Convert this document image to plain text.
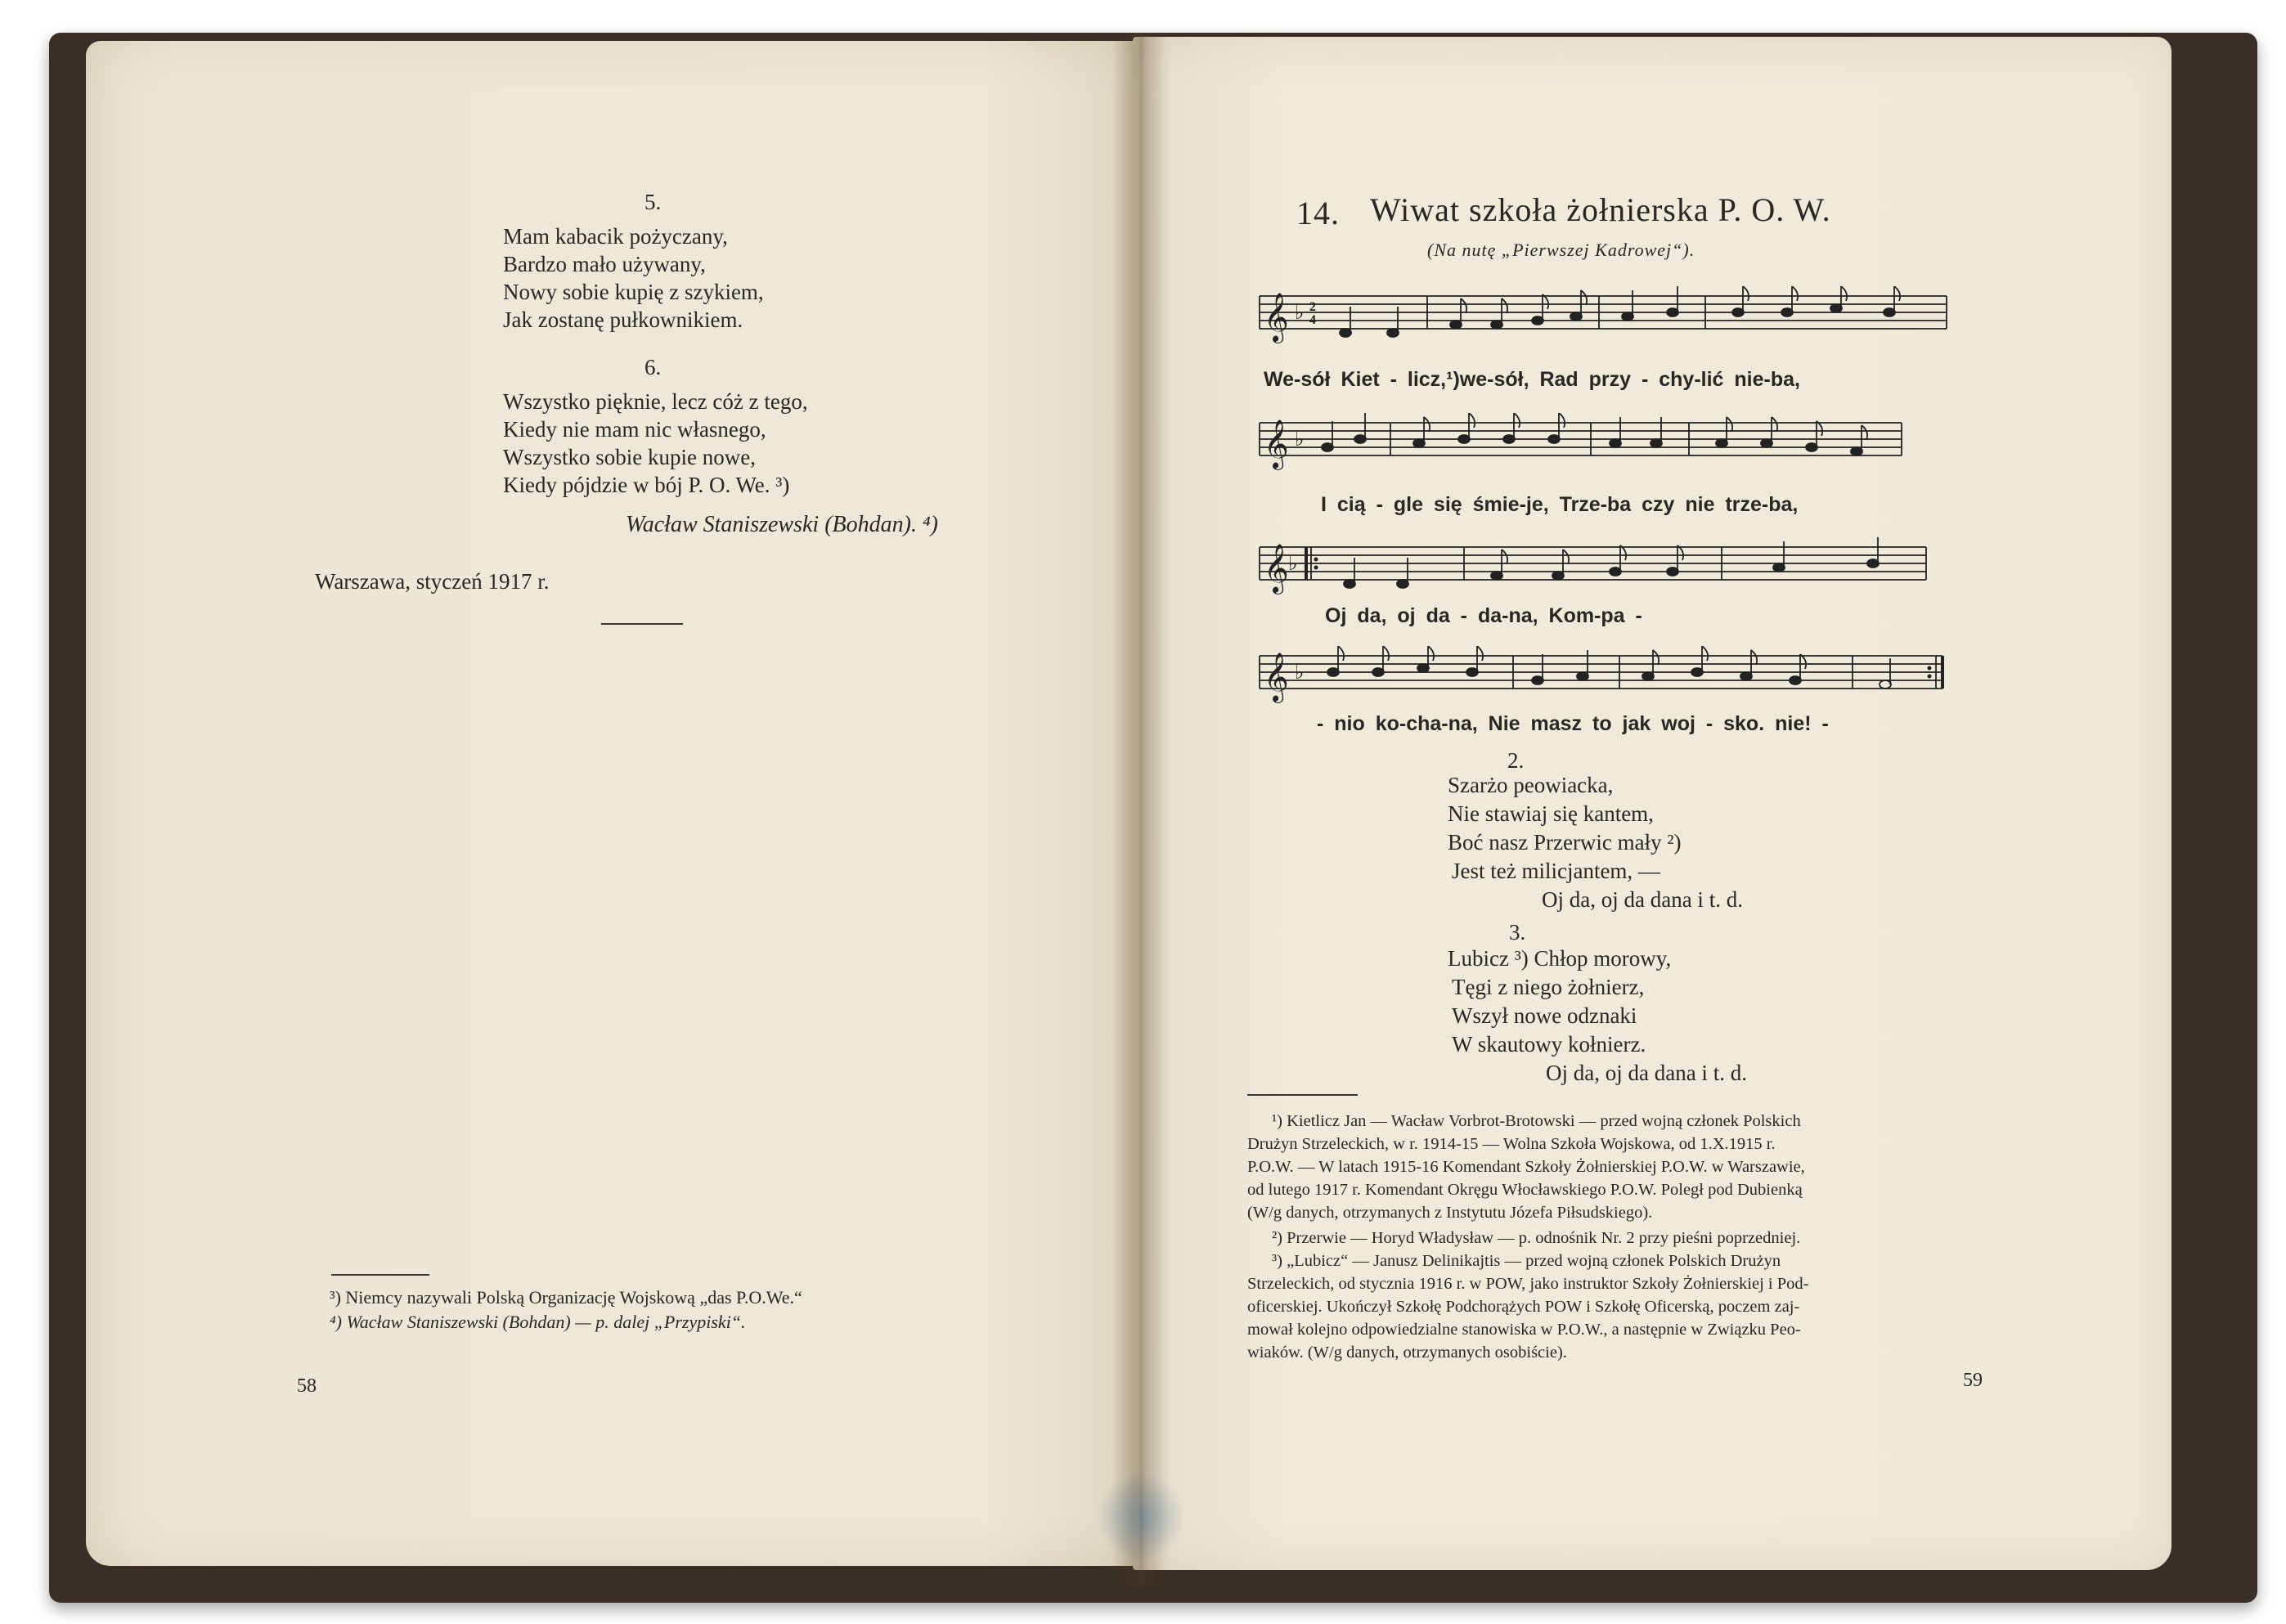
5.
Mam kabacik pożyczany,
Bardzo mało używany,
Nowy sobie kupię z szykiem,
Jak zostanę pułkownikiem.
6.
Wszystko pięknie, lecz cóż z tego,
Kiedy nie mam nic własnego,
Wszystko sobie kupie nowe,
Kiedy pójdzie w bój P. O. We. ³)
Wacław Staniszewski (Bohdan). ⁴)
Warszawa, styczeń 1917 r.
³) Niemcy nazywali Polską Organizację Wojskową „das P.O.We.“
⁴) Wacław Staniszewski (Bohdan) — p. dalej „Przypiski“.
58
14. Wiwat szkoła żołnierska P. O. W.
(Na nutę „Pierwszej Kadrowej“).
𝄞 ♭ 2
4
We-sół Kiet - licz,¹)we-sół, Rad przy - chy-lić nie-ba,
𝄞 ♭
I cią - gle się śmie-je, Trze-ba czy nie trze-ba,
𝄞 ♭
Oj da, oj da - da-na, Kom-pa -
𝄞 ♭
- nio ko-cha-na, Nie masz to jak woj - sko. nie! -
2.
Szarżo peowiacka,
Nie stawiaj się kantem,
Boć nasz Przerwic mały ²)
Jest też milicjantem, —
Oj da, oj da dana i t. d.
3.
Lubicz ³) Chłop morowy,
Tęgi z niego żołnierz,
Wszył nowe odznaki
W skautowy kołnierz.
Oj da, oj da dana i t. d.
¹) Kietlicz Jan — Wacław Vorbrot-Brotowski — przed wojną członek Polskich
Drużyn Strzeleckich, w r. 1914-15 — Wolna Szkoła Wojskowa, od 1.X.1915 r.
P.O.W. — W latach 1915-16 Komendant Szkoły Żołnierskiej P.O.W. w Warszawie,
od lutego 1917 r. Komendant Okręgu Włocławskiego P.O.W. Poległ pod Dubienką
(W/g danych, otrzymanych z Instytutu Józefa Piłsudskiego).
²) Przerwie — Horyd Władysław — p. odnośnik Nr. 2 przy pieśni poprzedniej.
³) „Lubicz“ — Janusz Delinikajtis — przed wojną członek Polskich Drużyn
Strzeleckich, od stycznia 1916 r. w POW, jako instruktor Szkoły Żołnierskiej i Pod-
oficerskiej. Ukończył Szkołę Podchorążych POW i Szkołę Oficerską, poczem zaj-
mował kolejno odpowiedzialne stanowiska w P.O.W., a następnie w Związku Peo-
wiaków. (W/g danych, otrzymanych osobiście).
59
